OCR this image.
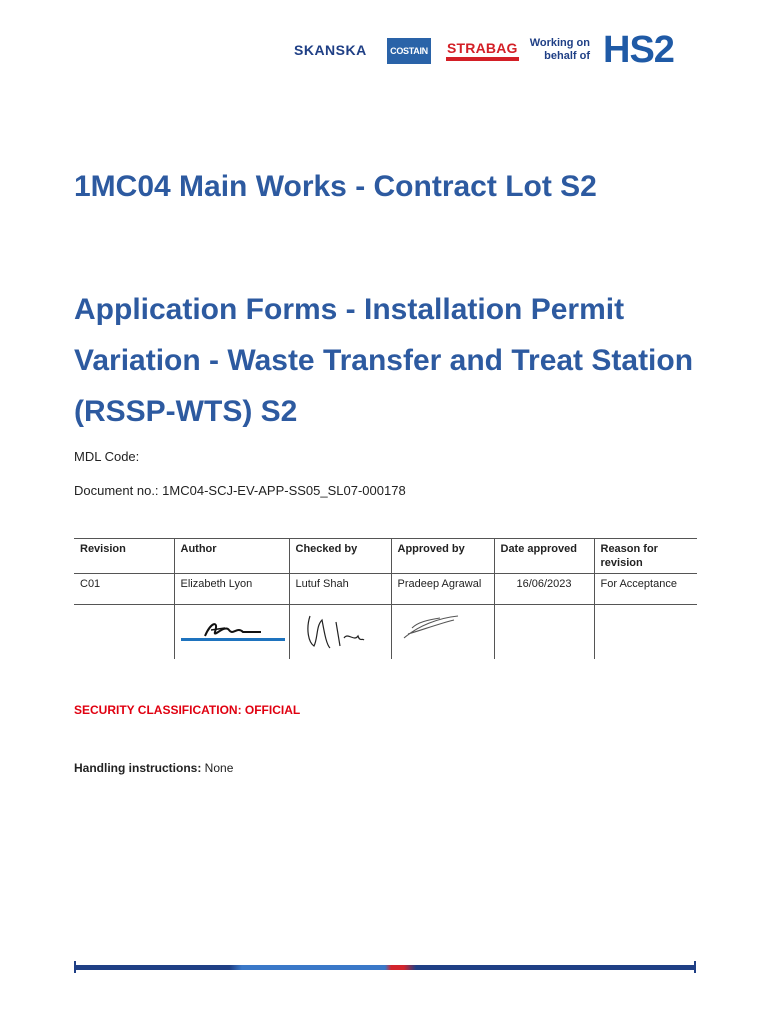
SKANSKA	COSTAIN STRABAG	Working on
behalf of HS2
1MC04 Main Works - Contract Lot S2
Application Forms - Installation Permit Variation - Waste Transfer and Treat Station (RSSP-WTS) S2
MDL Code:
Document no.: 1MC04-SCJ-EV-APP-SS05_SL07-000178
Revision	Author	Checked by	Approved by	Date approved	Reason for revision
C01	Elizabeth Lyon	Lutuf Shah	Pradeep Agrawal	16/06/2023	For Acceptance

SECURITY CLASSIFICATION: OFFICIAL
Handling instructions: None
